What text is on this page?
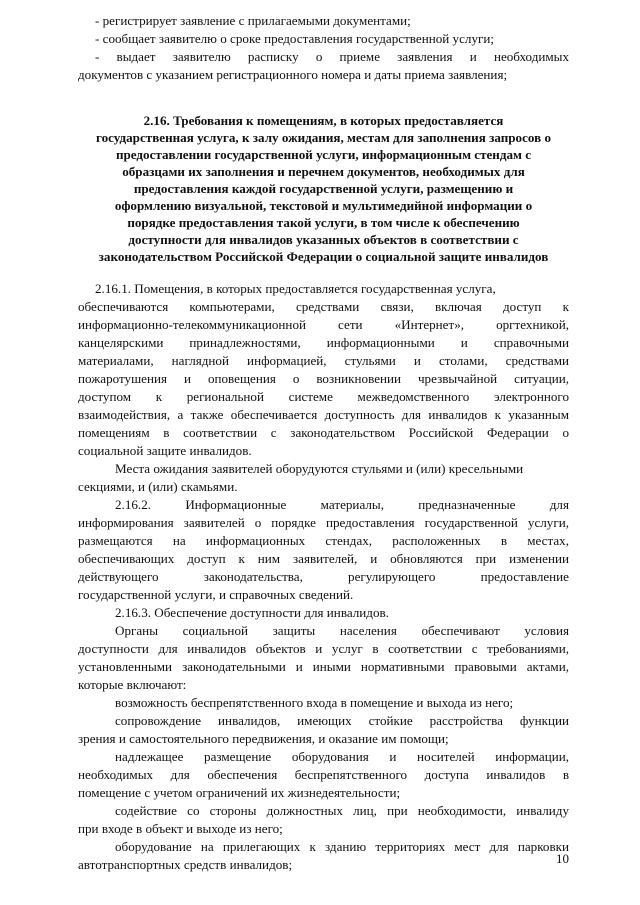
- регистрирует заявление с прилагаемыми документами;
- сообщает заявителю о сроке предоставления государственной услуги;
- выдает заявителю расписку о приеме заявления и необходимых
документов с указанием регистрационного номера и даты приема заявления;
2.16. Требования к помещениям, в которых предоставляется
государственная услуга, к залу ожидания, местам для заполнения запросов о
предоставлении государственной услуги, информационным стендам с
образцами их заполнения и перечнем документов, необходимых для
предоставления каждой государственной услуги, размещению и
оформлению визуальной, текстовой и мультимедийной информации о
порядке предоставления такой услуги, в том числе к обеспечению
доступности для инвалидов указанных объектов в соответствии с
законодательством Российской Федерации о социальной защите инвалидов
2.16.1. Помещения, в которых предоставляется государственная услуга,
обеспечиваются компьютерами, средствами связи, включая доступ к
информационно-телекоммуникационной сети «Интернет», оргтехникой,
канцелярскими принадлежностями, информационными и справочными
материалами, наглядной информацией, стульями и столами, средствами
пожаротушения и оповещения о возникновении чрезвычайной ситуации,
доступом к региональной системе межведомственного электронного
взаимодействия, а также обеспечивается доступность для инвалидов к указанным
помещениям в соответствии с законодательством Российской Федерации о
социальной защите инвалидов.
Места ожидания заявителей оборудуются стульями и (или) кресельными
секциями, и (или) скамьями.
2.16.2. Информационные материалы, предназначенные для
информирования заявителей о порядке предоставления государственной услуги,
размещаются на информационных стендах, расположенных в местах,
обеспечивающих доступ к ним заявителей, и обновляются при изменении
действующего законодательства, регулирующего предоставление
государственной услуги, и справочных сведений.
2.16.3. Обеспечение доступности для инвалидов.
Органы социальной защиты населения обеспечивают условия
доступности для инвалидов объектов и услуг в соответствии с требованиями,
установленными законодательными и иными нормативными правовыми актами,
которые включают:
возможность беспрепятственного входа в помещение и выхода из него;
сопровождение инвалидов, имеющих стойкие расстройства функции
зрения и самостоятельного передвижения, и оказание им помощи;
надлежащее размещение оборудования и носителей информации,
необходимых для обеспечения беспрепятственного доступа инвалидов в
помещение с учетом ограничений их жизнедеятельности;
содействие со стороны должностных лиц, при необходимости, инвалиду
при входе в объект и выходе из него;
оборудование на прилегающих к зданию территориях мест для парковки
автотранспортных средств инвалидов;	10
